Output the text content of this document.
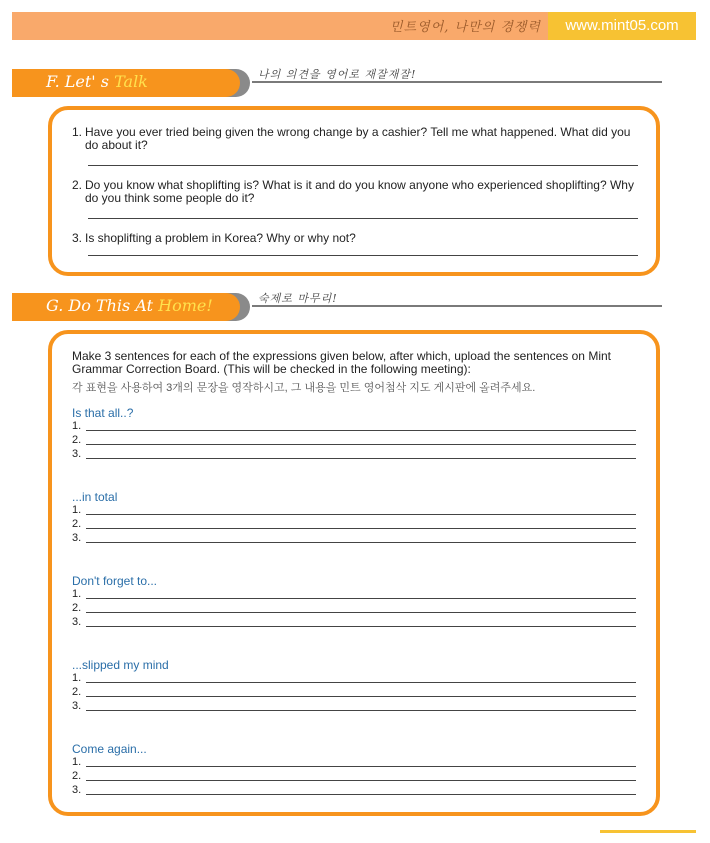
민트영어, 나만의 경쟁력	www.mint05.com
F. Let' s Talk	나의 의견을 영어로 재잘재잘!
1. Have you ever tried being given the wrong change by a cashier? Tell me what happened. What did you do about it?
2. Do you know what shoplifting is? What is it and do you know anyone who experienced shoplifting? Why do you think some people do it?
3. Is shoplifting a problem in Korea? Why or why not?
G. Do This At Home!	숙제로 마무리!
Make 3 sentences for each of the expressions given below, after which, upload the sentences on Mint Grammar Correction Board. (This will be checked in the following meeting):
각 표현을 사용하여 3개의 문장을 영작하시고, 그 내용을 민트 영어첨삭 지도 게시판에 올려주세요.
Is that all..?
1.
2.
3.
...in total
1.
2.
3.
Don't forget to...
1.
2.
3.
...slipped my mind
1.
2.
3.
Come again...
1.
2.
3.
